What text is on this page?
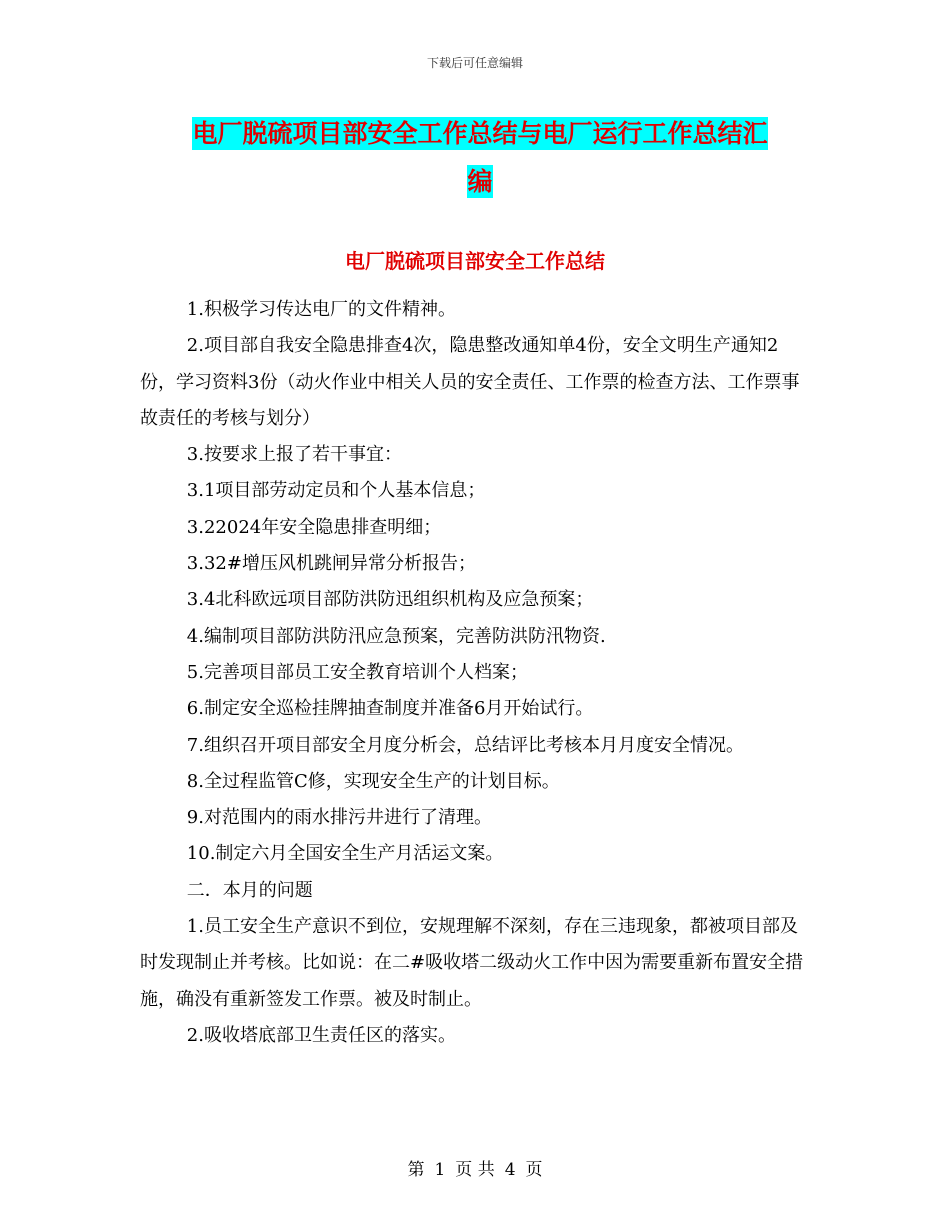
下载后可任意编辑
电厂脱硫项目部安全工作总结与电厂运行工作总结汇
编
电厂脱硫项目部安全工作总结

1.积极学习传达电厂的文件精神。

2.项目部自我安全隐患排查4次，隐患整改通知单4份，安全文明生产通知2份，学习资料3份（动火作业中相关人员的安全责任、工作票的检查方法、工作票事故责任的考核与划分）

3.按要求上报了若干事宜：

3.1项目部劳动定员和个人基本信息；

3.22024年安全隐患排查明细；

3.32#增压风机跳闸异常分析报告；

3.4北科欧远项目部防洪防迅组织机构及应急预案；

4.编制项目部防洪防汛应急预案，完善防洪防汛物资.

5.完善项目部员工安全教育培训个人档案；

6.制定安全巡检挂牌抽查制度并准备6月开始试行。

7.组织召开项目部安全月度分析会，总结评比考核本月月度安全情况。

8.全过程监管C修，实现安全生产的计划目标。

9.对范围内的雨水排污井进行了清理。

10.制定六月全国安全生产月活运文案。

二．本月的问题

1.员工安全生产意识不到位，安规理解不深刻，存在三违现象，都被项目部及时发现制止并考核。比如说：在二#吸收塔二级动火工作中因为需要重新布置安全措施，确没有重新签发工作票。被及时制止。

2.吸收塔底部卫生责任区的落实。

第 1 页 共 4 页
